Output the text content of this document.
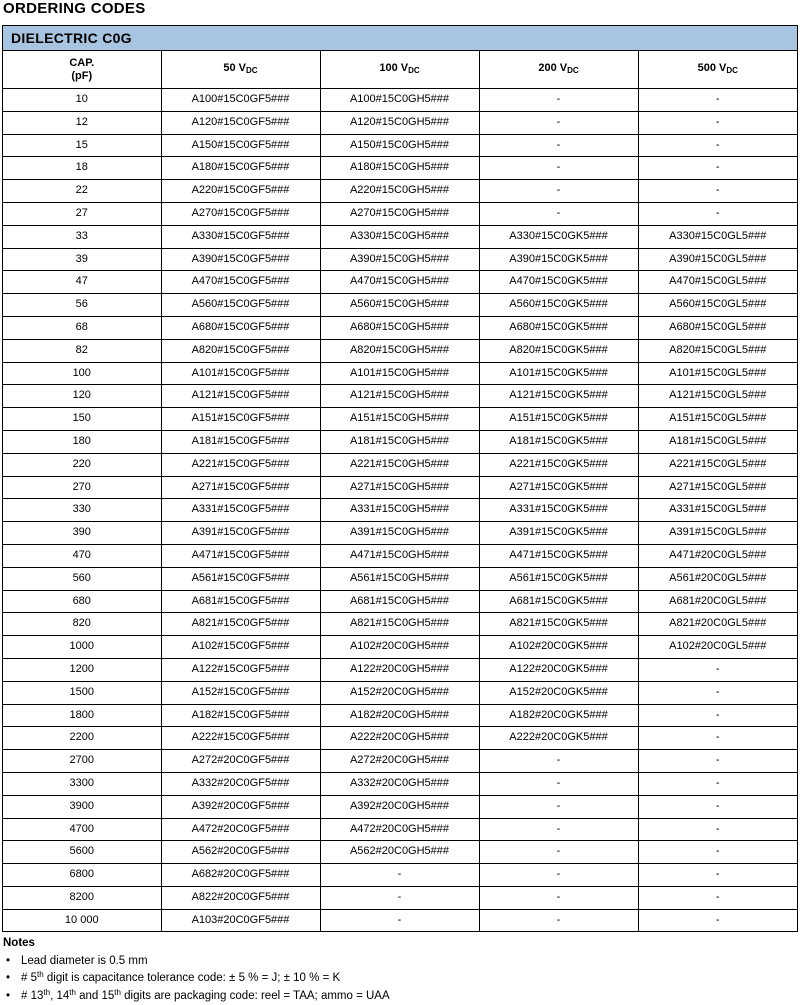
ORDERING CODES
DIELECTRIC C0G
CAP.
(pF)	50 $V_{DC}$	100 $V_{DC}$	200 $V_{DC}$	500 $V_{DC}$
10	A100#15C0GF5###	A100#15C0GH5###	-	-
12	A120#15C0GF5###	A120#15C0GH5###	-	-
15	A150#15C0GF5###	A150#15C0GH5###	-	-
18	A180#15C0GF5###	A180#15C0GH5###	-	-
22	A220#15C0GF5###	A220#15C0GH5###	-	-
27	A270#15C0GF5###	A270#15C0GH5###	-	-
33	A330#15C0GF5###	A330#15C0GH5###	A330#15C0GK5###	A330#15C0GL5###
39	A390#15C0GF5###	A390#15C0GH5###	A390#15C0GK5###	A390#15C0GL5###
47	A470#15C0GF5###	A470#15C0GH5###	A470#15C0GK5###	A470#15C0GL5###
56	A560#15C0GF5###	A560#15C0GH5###	A560#15C0GK5###	A560#15C0GL5###
68	A680#15C0GF5###	A680#15C0GH5###	A680#15C0GK5###	A680#15C0GL5###
82	A820#15C0GF5###	A820#15C0GH5###	A820#15C0GK5###	A820#15C0GL5###
100	A101#15C0GF5###	A101#15C0GH5###	A101#15C0GK5###	A101#15C0GL5###
120	A121#15C0GF5###	A121#15C0GH5###	A121#15C0GK5###	A121#15C0GL5###
150	A151#15C0GF5###	A151#15C0GH5###	A151#15C0GK5###	A151#15C0GL5###
180	A181#15C0GF5###	A181#15C0GH5###	A181#15C0GK5###	A181#15C0GL5###
220	A221#15C0GF5###	A221#15C0GH5###	A221#15C0GK5###	A221#15C0GL5###
270	A271#15C0GF5###	A271#15C0GH5###	A271#15C0GK5###	A271#15C0GL5###
330	A331#15C0GF5###	A331#15C0GH5###	A331#15C0GK5###	A331#15C0GL5###
390	A391#15C0GF5###	A391#15C0GH5###	A391#15C0GK5###	A391#15C0GL5###
470	A471#15C0GF5###	A471#15C0GH5###	A471#15C0GK5###	A471#20C0GL5###
560	A561#15C0GF5###	A561#15C0GH5###	A561#15C0GK5###	A561#20C0GL5###
680	A681#15C0GF5###	A681#15C0GH5###	A681#15C0GK5###	A681#20C0GL5###
820	A821#15C0GF5###	A821#15C0GH5###	A821#15C0GK5###	A821#20C0GL5###
1000	A102#15C0GF5###	A102#20C0GH5###	A102#20C0GK5###	A102#20C0GL5###
1200	A122#15C0GF5###	A122#20C0GH5###	A122#20C0GK5###	-
1500	A152#15C0GF5###	A152#20C0GH5###	A152#20C0GK5###	-
1800	A182#15C0GF5###	A182#20C0GH5###	A182#20C0GK5###	-
2200	A222#15C0GF5###	A222#20C0GH5###	A222#20C0GK5###	-
2700	A272#20C0GF5###	A272#20C0GH5###	-	-
3300	A332#20C0GF5###	A332#20C0GH5###	-	-
3900	A392#20C0GF5###	A392#20C0GH5###	-	-
4700	A472#20C0GF5###	A472#20C0GH5###	-	-
5600	A562#20C0GF5###	A562#20C0GH5###	-	-
6800	A682#20C0GF5###	-	-	-
8200	A822#20C0GF5###	-	-	-
10 000	A103#20C0GF5###	-	-	-
Notes
• Lead diameter is 0.5 mm
• # 5th digit is capacitance tolerance code: ± 5 % = J; ± 10 % = K
• # 13th, 14th and 15th digits are packaging code: reel = TAA; ammo = UAA
